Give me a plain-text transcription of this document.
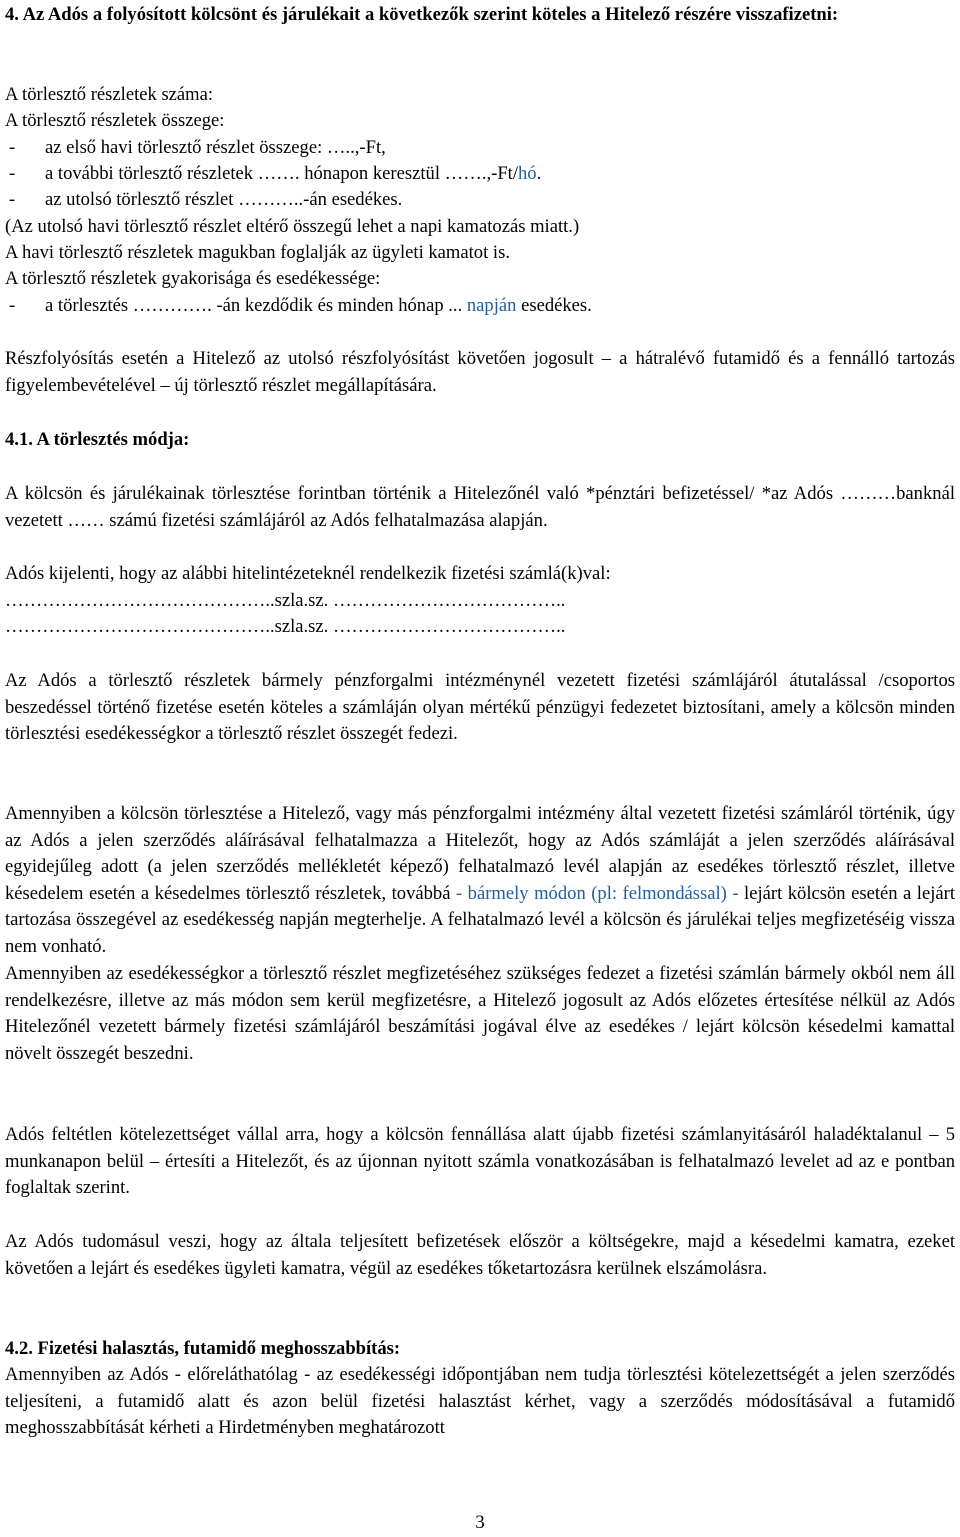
4. Az Adós a folyósított kölcsönt és járulékait a következők szerint köteles a Hitelező részére visszafizetni:
A törlesztő részletek száma:
A törlesztő részletek összege:
-	az első havi törlesztő részlet összege: …..,-Ft,
-	a további törlesztő részletek ……. hónapon keresztül …….,-Ft/hó.
-	az utolsó törlesztő részlet ………..-án esedékes.
(Az utolsó havi törlesztő részlet eltérő összegű lehet a napi kamatozás miatt.)
A havi törlesztő részletek magukban foglalják az ügyleti kamatot is.
A törlesztő részletek gyakorisága és esedékessége:
-	a törlesztés …………. -án kezdődik és minden hónap ... napján esedékes.
Részfolyósítás esetén a Hitelező az utolsó részfolyósítást követően jogosult – a hátralévő futamidő és a fennálló tartozás figyelembevételével – új törlesztő részlet megállapítására.
4.1. A törlesztés módja:
A kölcsön és járulékainak törlesztése forintban történik a Hitelezőnél való *pénztári befizetéssel/ *az Adós ………banknál vezetett …… számú fizetési számlájáról az Adós felhatalmazása alapján.
Adós kijelenti, hogy az alábbi hitelintézeteknél rendelkezik fizetési számlá(k)val:
……………………………………..szla.sz. ………………………………..
……………………………………..szla.sz. ………………………………..
Az Adós a törlesztő részletek bármely pénzforgalmi intézménynél vezetett fizetési számlájáról átutalással /csoportos beszedéssel történő fizetése esetén köteles a számláján olyan mértékű pénzügyi fedezetet biztosítani, amely a kölcsön minden törlesztési esedékességkor a törlesztő részlet összegét fedezi.
Amennyiben a kölcsön törlesztése a Hitelező, vagy más pénzforgalmi intézmény által vezetett fizetési számláról történik, úgy az Adós a jelen szerződés aláírásával felhatalmazza a Hitelezőt, hogy az Adós számláját a jelen szerződés aláírásával egyidejűleg adott (a jelen szerződés mellékletét képező) felhatalmazó levél alapján az esedékes törlesztő részlet, illetve késedelem esetén a késedelmes törlesztő részletek, továbbá - bármely módon (pl: felmondással) - lejárt kölcsön esetén a lejárt tartozása összegével az esedékesség napján megterhelje. A felhatalmazó levél a kölcsön és járulékai teljes megfizetéséig vissza nem vonható.
Amennyiben az esedékességkor a törlesztő részlet megfizetéséhez szükséges fedezet a fizetési számlán bármely okból nem áll rendelkezésre, illetve az más módon sem kerül megfizetésre, a Hitelező jogosult az Adós előzetes értesítése nélkül az Adós Hitelezőnél vezetett bármely fizetési számlájáról beszámítási jogával élve az esedékes / lejárt kölcsön késedelmi kamattal növelt összegét beszedni.
Adós feltétlen kötelezettséget vállal arra, hogy a kölcsön fennállása alatt újabb fizetési számlanyitásáról haladéktalanul – 5 munkanapon belül – értesíti a Hitelezőt, és az újonnan nyitott számla vonatkozásában is felhatalmazó levelet ad az e pontban foglaltak szerint.
Az Adós tudomásul veszi, hogy az általa teljesített befizetések először a költségekre, majd a késedelmi kamatra, ezeket követően a lejárt és esedékes ügyleti kamatra, végül az esedékes tőketartozásra kerülnek elszámolásra.
4.2. Fizetési halasztás, futamidő meghosszabbítás:
Amennyiben az Adós - előreláthatólag - az esedékességi időpontjában nem tudja törlesztési kötelezettségét a jelen szerződés teljesíteni, a futamidő alatt és azon belül fizetési halasztást kérhet, vagy a szerződés módosításával a futamidő meghosszabbítását kérheti a Hirdetményben meghatározott
3
